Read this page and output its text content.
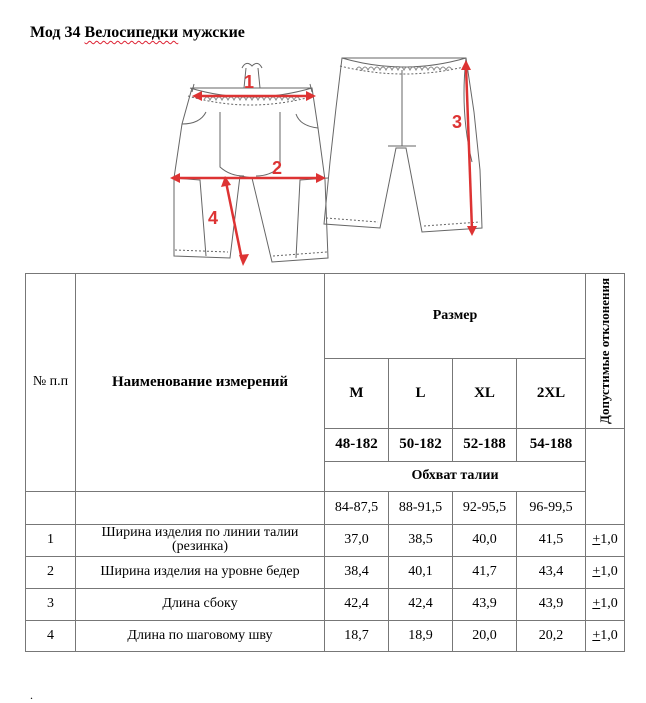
Мод 34 Велосипедки мужские
1
2
3
4
№ п.п	Наименование измерений	Размер				Допустимые отклонения

		M	L	XL	2XL	
		48-182	50-182	52-188	54-188	
		Обхват талии				
		84-87,5	88-91,5	92-95,5	96-99,5	
1	Ширина изделия по линии талии (резинка)	37,0	38,5	40,0	41,5	+1,0
2	Ширина изделия на уровне бедер	38,4	40,1	41,7	43,4	+1,0
3	Длина сбоку	42,4	42,4	43,9	43,9	+1,0
4	Длина по шаговому шву	18,7	18,9	20,0	20,2	+1,0
.
